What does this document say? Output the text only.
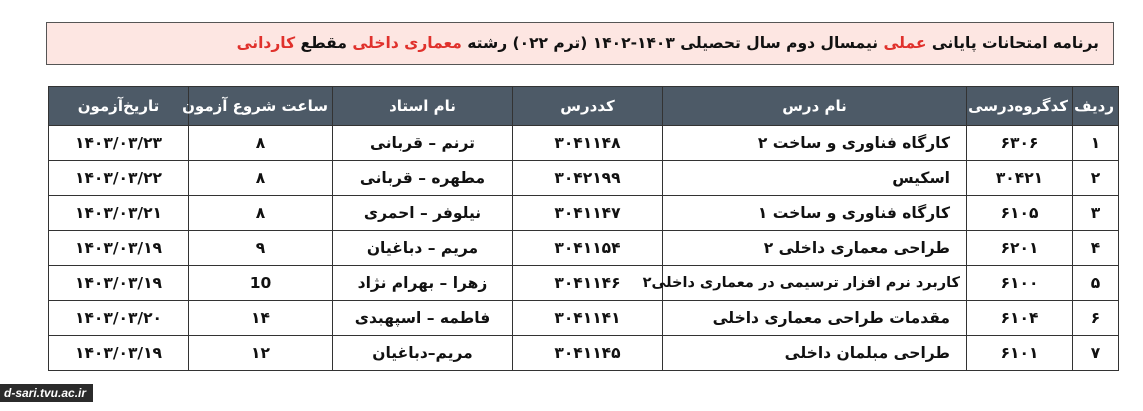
برنامه امتحانات پایانی عملی نیمسال دوم سال تحصیلی ۱۴۰۳-۱۴۰۲ (ترم ۰۲۲) رشته معماری داخلی مقطع کاردانی
ردیف	کدگروه‌درسی	نام درس	کددرس	نام استاد	ساعت شروع آزمون	تاریخ‌آزمون
۱	۶۳۰۶	کارگاه فناوری و ساخت ۲	۳۰۴۱۱۴۸	ترنم – قربانی	۸	۱۴۰۳/۰۳/۲۳
۲	۳۰۴۲۱	اسکیس	۳۰۴۲۱۹۹	مطهره – قربانی	۸	۱۴۰۳/۰۳/۲۲
۳	۶۱۰۵	کارگاه فناوری و ساخت ۱	۳۰۴۱۱۴۷	نیلوفر – احمری	۸	۱۴۰۳/۰۳/۲۱
۴	۶۲۰۱	طراحی معماری داخلی ۲	۳۰۴۱۱۵۴	مریم – دباغیان	۹	۱۴۰۳/۰۳/۱۹
۵	۶۱۰۰	کاربرد نرم افزار ترسیمی در معماری داخلی۲	۳۰۴۱۱۴۶	زهرا – بهرام نژاد	10	۱۴۰۳/۰۳/۱۹
۶	۶۱۰۴	مقدمات طراحی معماری داخلی	۳۰۴۱۱۴۱	فاطمه – اسپهبدی	۱۴	۱۴۰۳/۰۳/۲۰
۷	۶۱۰۱	طراحی مبلمان داخلی	۳۰۴۱۱۴۵	مریم–دباغیان	۱۲	۱۴۰۳/۰۳/۱۹
d-sari.tvu.ac.ir
